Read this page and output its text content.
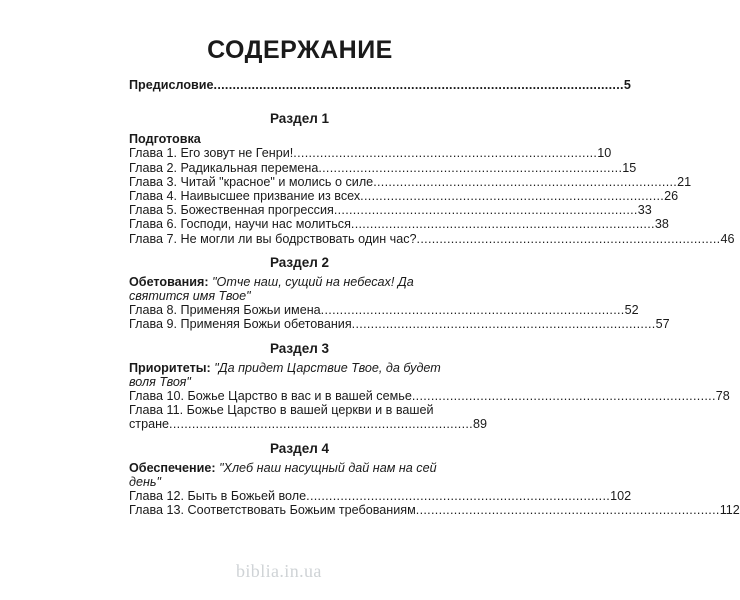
СОДЕРЖАНИЕ
Предисловие ............................................................................................................ 5
Раздел 1
Подготовка
Глава 1. Его зовут не Генри! ................................................................................ 10
Глава 2. Радикальная перемена ................................................................................ 15
Глава 3. Читай "красное" и молись о силе ................................................................................ 21
Глава 4. Наивысшее призвание из всех ................................................................................ 26
Глава 5. Божественная прогрессия ................................................................................ 33
Глава 6. Господи, научи нас молиться ................................................................................ 38
Глава 7. Не могли ли вы бодрствовать один час? ................................................................................ 46
Раздел 2
Обетования: "Отче наш, сущий на небесах! Да святится имя Твое"
Глава 8. Применяя Божьи имена ................................................................................ 52
Глава 9. Применяя Божьи обетования ................................................................................ 57
Раздел 3
Приоритеты: "Да придет Царствие Твое, да будет воля Твоя"
Глава 10. Божье Царство в вас и в вашей семье ................................................................................ 78
Глава 11. Божье Царство в вашей церкви и в вашей
стране ................................................................................ 89
Раздел 4
Обеспечение: "Хлеб наш насущный дай нам на сей день"
Глава 12. Быть в Божьей воле ................................................................................ 102
Глава 13. Соответствовать Божьим требованиям ................................................................................ 112
biblia.in.ua
